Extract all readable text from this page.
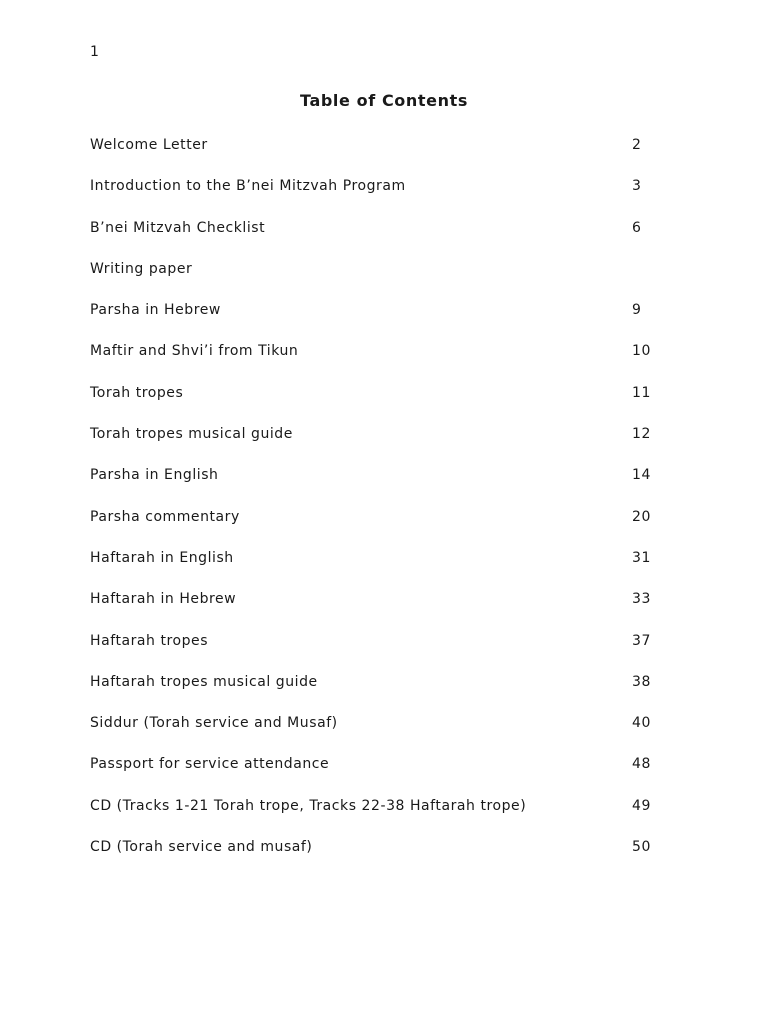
1
Table of Contents
Welcome Letter	2
Introduction to the B’nei Mitzvah Program	3
B’nei Mitzvah Checklist	6
Writing paper
Parsha in Hebrew	9
Maftir and Shvi’i from Tikun	10
Torah tropes	11
Torah tropes musical guide	12
Parsha in English	14
Parsha commentary	20
Haftarah in English	31
Haftarah in Hebrew	33
Haftarah tropes	37
Haftarah tropes musical guide	38
Siddur (Torah service and Musaf)	40
Passport for service attendance	48
CD (Tracks 1-21 Torah trope, Tracks 22-38 Haftarah trope)	49
CD (Torah service and musaf)	50
